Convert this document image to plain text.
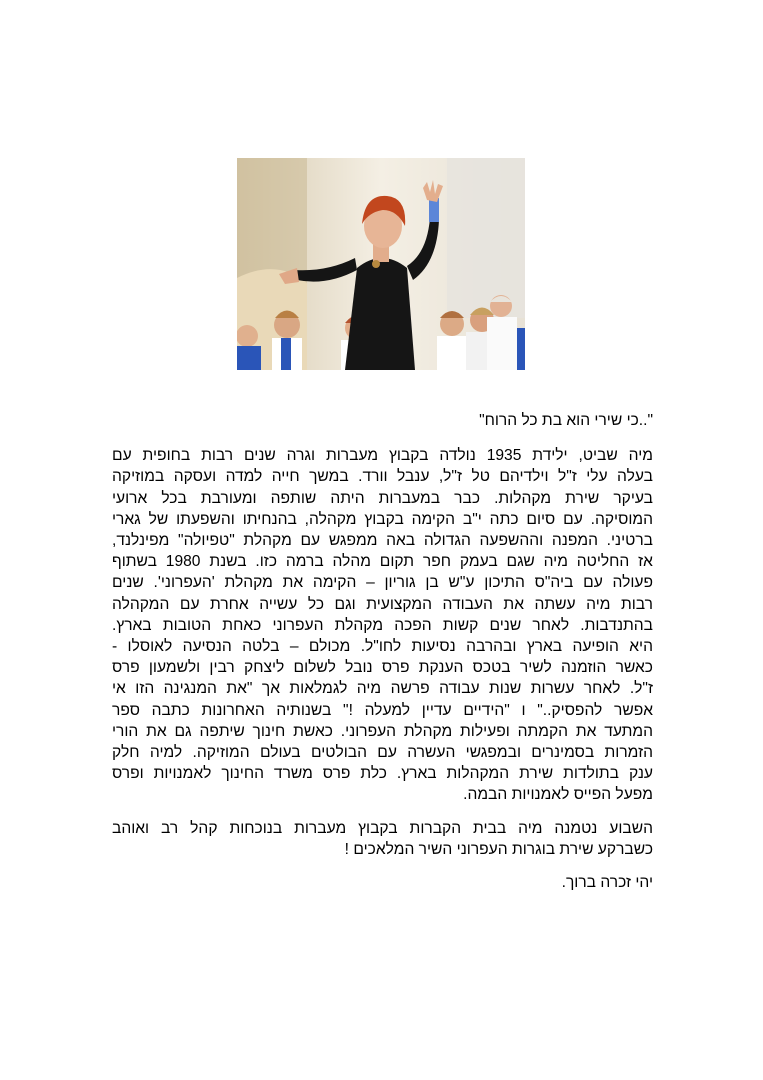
"..כי שירי הוא בת כל הרוח"

מיה שביט, ילידת 1935 נולדה בקבוץ מעברות וגרה שנים רבות בחופית עם
בעלה עלי ז"ל וילדיהם טל ז"ל, ענבל וורד. במשך חייה למדה ועסקה במוזיקה
בעיקר שירת מקהלות. כבר במעברות היתה שותפה ומעורבת בכל ארועי
המוסיקה. עם סיום כתה י"ב הקימה בקבוץ מקהלה, בהנחיתו והשפעתו של גארי
ברטיני. המפנה וההשפעה הגדולה באה ממפגש עם מקהלת "טפיולה" מפינלנד,
אז החליטה מיה שגם בעמק חפר תקום מהלה ברמה כזו. בשנת 1980 בשתוף
פעולה עם ביה"ס התיכון ע"ש בן גוריון – הקימה את מקהלת 'העפרוני'. שנים
רבות מיה עשתה את העבודה המקצועית וגם כל עשייה אחרת עם המקהלה
בהתנדבות. לאחר שנים קשות הפכה מקהלת העפרוני כאחת הטובות בארץ.
היא הופיעה בארץ ובהרבה נסיעות לחו"ל. מכולם – בלטה הנסיעה לאוסלו -
כאשר הוזמנה לשיר בטכס הענקת פרס נובל לשלום ליצחק רבין ולשמעון פרס
ז"ל. לאחר עשרות שנות עבודה פרשה מיה לגמלאות אך "את המנגינה הזו אי
אפשר להפסיק.." ו "הידיים עדיין למעלה !" בשנותיה האחרונות כתבה ספר
המתעד את הקמתה ופעילות מקהלת העפרוני. כאשת חינוך שיתפה גם את הורי
הזמרות בסמינרים ובמפגשי העשרה עם הבולטים בעולם המוזיקה. למיה חלק
ענק בתולדות שירת המקהלות בארץ. כלת פרס משרד החינוך לאמנויות ופרס
מפעל הפייס לאמנויות הבמה.

השבוע נטמנה מיה בבית הקברות בקבוץ מעברות בנוכחות קהל רב ואוהב
כשברקע שירת בוגרות העפרוני השיר המלאכים !

יהי זכרה ברוך.
